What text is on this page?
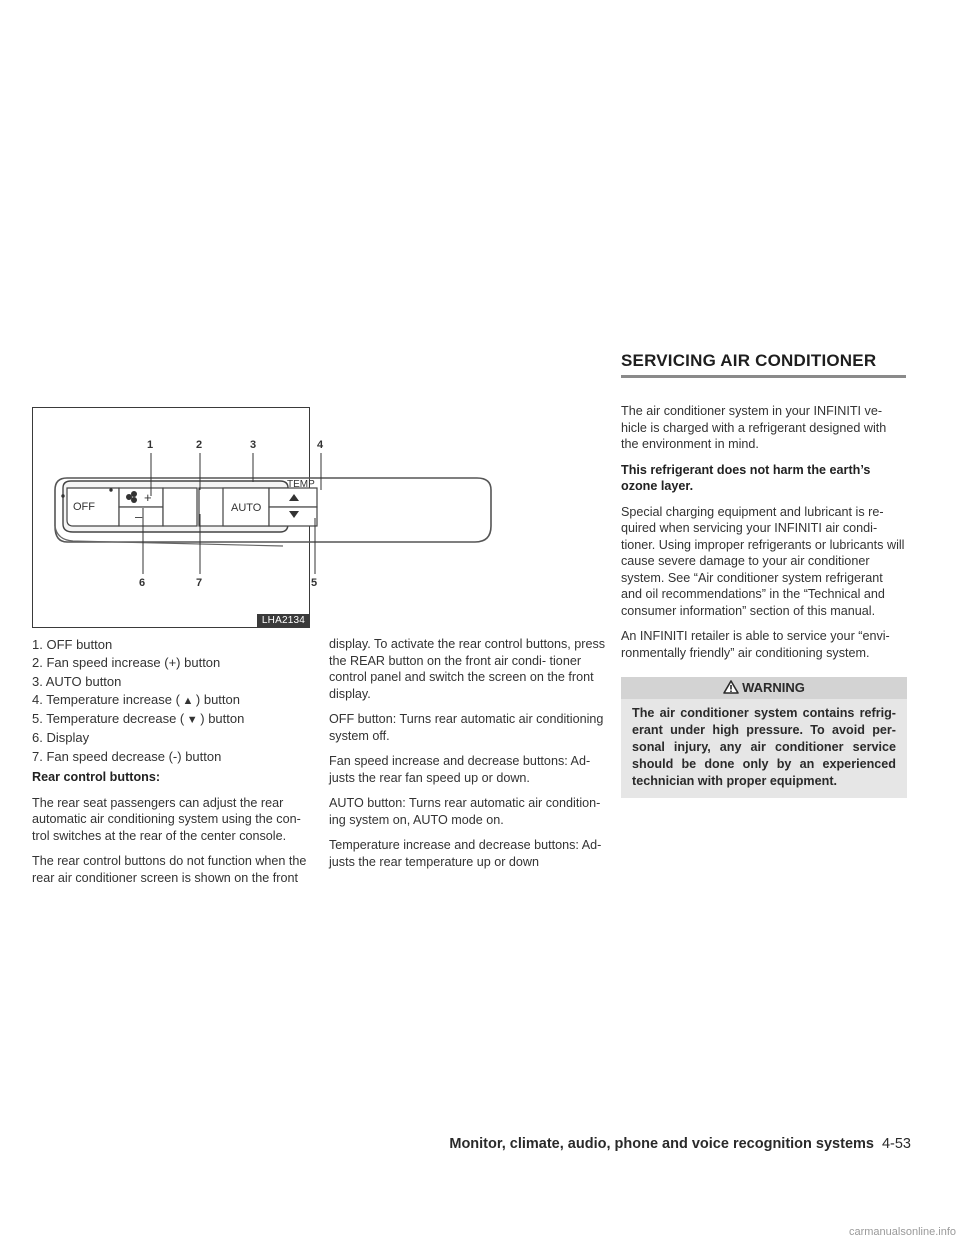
SERVICING AIR CONDITIONER
OFF
+
–
AUTO
TEMP
1	2	3	4
5
6	7
LHA2134
1. OFF button
2. Fan speed increase (+) button
3. AUTO button
4. Temperature increase ( ▲ ) button
5. Temperature decrease ( ▼ ) button
6. Display
7. Fan speed decrease (-) button

Rear control buttons:

The rear seat passengers can adjust the rear automatic air conditioning system using the con- trol switches at the rear of the center console.

The rear control buttons do not function when the rear air conditioner screen is shown on the front

display. To activate the rear control buttons, press the REAR button on the front air condi- tioner control panel and switch the screen on the front display.

OFF button: Turns rear automatic air conditioning system off.

Fan speed increase and decrease buttons: Ad- justs the rear fan speed up or down.

AUTO button: Turns rear automatic air condition- ing system on, AUTO mode on.

Temperature increase and decrease buttons: Ad- justs the rear temperature up or down

The air conditioner system in your INFINITI ve- hicle is charged with a refrigerant designed with the environment in mind.

This refrigerant does not harm the earth’s ozone layer.

Special charging equipment and lubricant is re- quired when servicing your INFINITI air condi- tioner. Using improper refrigerants or lubricants will cause severe damage to your air conditioner system. See “Air conditioner system refrigerant and oil recommendations” in the “Technical and consumer information” section of this manual.

An INFINITI retailer is able to service your “envi- ronmentally friendly” air conditioning system.

WARNING
The air conditioner system contains refrig- erant under high pressure. To avoid per- sonal injury, any air conditioner service should be done only by an experienced technician with proper equipment.
Monitor, climate, audio, phone and voice recognition systems 4-53
carmanualsonline.info
